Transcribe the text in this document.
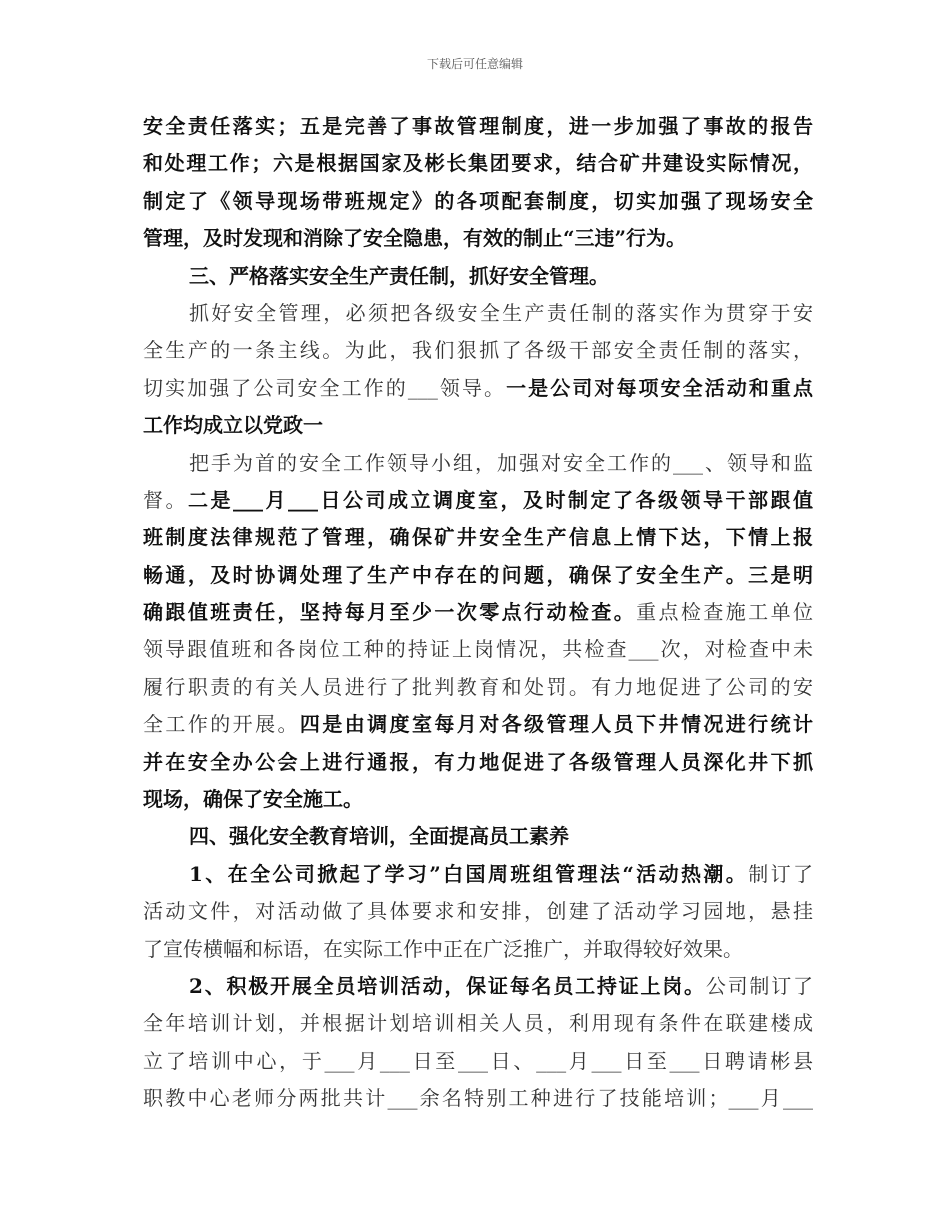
下载后可任意编辑
安全责任落实；五是完善了事故管理制度，进一步加强了事故的报告
和处理工作；六是根据国家及彬长集团要求，结合矿井建设实际情况，
制定了《领导现场带班规定》的各项配套制度，切实加强了现场安全
管理，及时发现和消除了安全隐患，有效的制止“三违”行为。
三、严格落实安全生产责任制，抓好安全管理。
抓好安全管理，必须把各级安全生产责任制的落实作为贯穿于安
全生产的一条主线。为此，我们狠抓了各级干部安全责任制的落实，
切实加强了公司安全工作的___领导。一是公司对每项安全活动和重点
工作均成立以党政一
把手为首的安全工作领导小组，加强对安全工作的___、领导和监
督。二是___月___日公司成立调度室，及时制定了各级领导干部跟值
班制度法律规范了管理，确保矿井安全生产信息上情下达，下情上报
畅通，及时协调处理了生产中存在的问题，确保了安全生产。三是明
确跟值班责任，坚持每月至少一次零点行动检查。重点检查施工单位
领导跟值班和各岗位工种的持证上岗情况，共检查___次，对检查中未
履行职责的有关人员进行了批判教育和处罚。有力地促进了公司的安
全工作的开展。四是由调度室每月对各级管理人员下井情况进行统计
并在安全办公会上进行通报，有力地促进了各级管理人员深化井下抓
现场，确保了安全施工。
四、强化安全教育培训，全面提高员工素养
1、在全公司掀起了学习”白国周班组管理法“活动热潮。制订了
活动文件，对活动做了具体要求和安排，创建了活动学习园地，悬挂
了宣传横幅和标语，在实际工作中正在广泛推广，并取得较好效果。
2、积极开展全员培训活动，保证每名员工持证上岗。公司制订了
全年培训计划，并根据计划培训相关人员，利用现有条件在联建楼成
立了培训中心，于___月___日至___日、___月___日至___日聘请彬县
职教中心老师分两批共计___余名特别工种进行了技能培训；___月___
